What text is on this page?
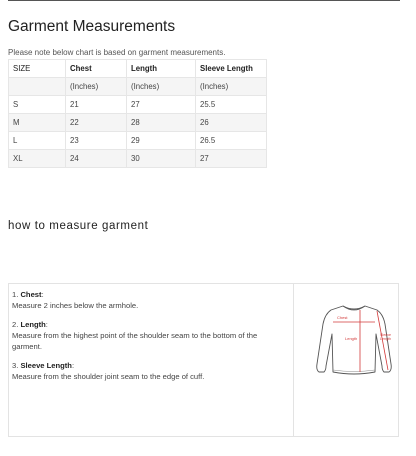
Garment Measurements
Please note below chart is based on garment measurements.
SIZE	Chest	Length	Sleeve Length
	(Inches)	(Inches)	(Inches)
S	21	27	25.5
M	22	28	26
L	23	29	26.5
XL	24	30	27
how to measure garment
1. Chest:
Measure 2 inches below the armhole.
2. Length:
Measure from the highest point of the shoulder seam to the bottom of the garment.
3. Sleeve Length:
Measure from the shoulder joint seam to the edge of cuff.
Chest
Length
Sleeve Length
